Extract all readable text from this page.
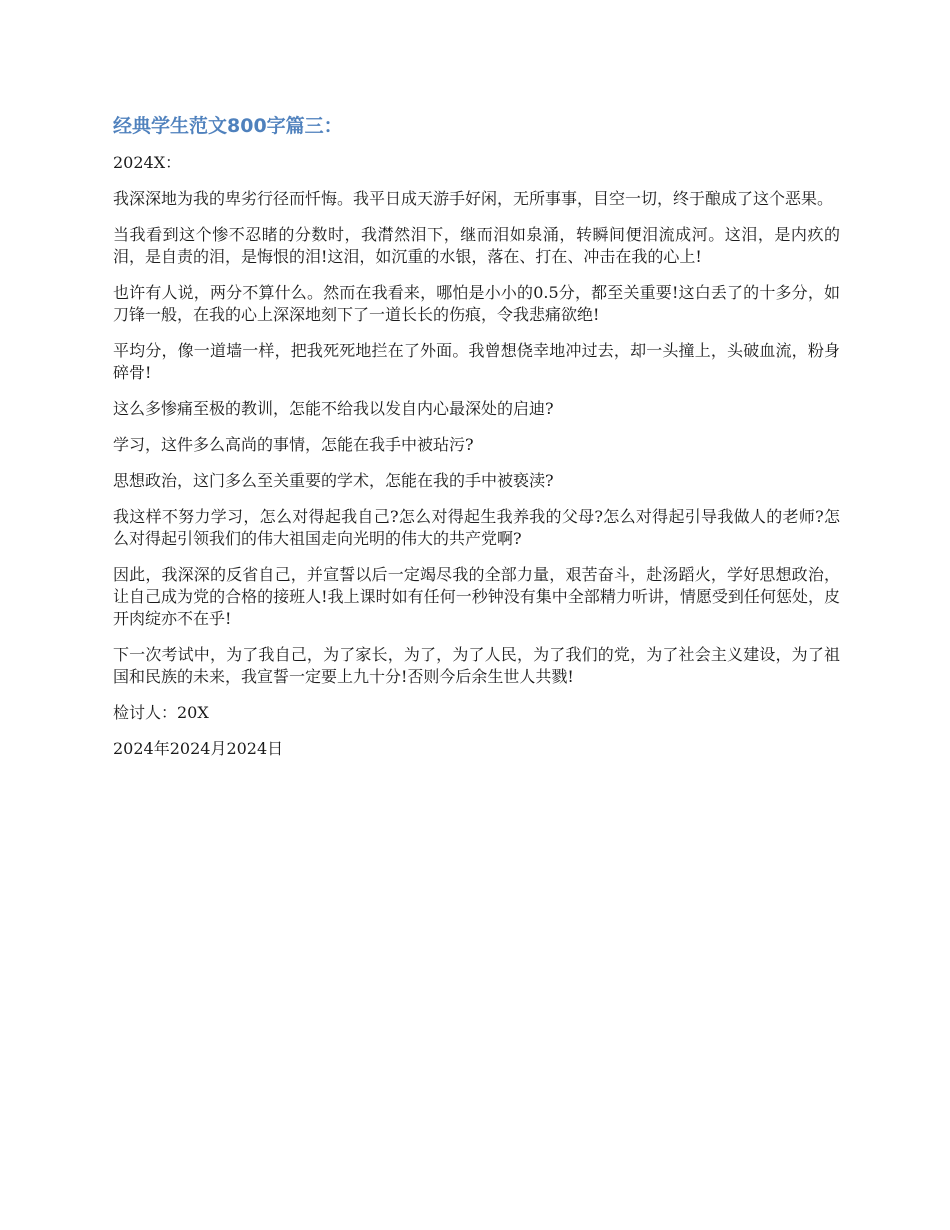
经典学生范文800字篇三：

2024X：

我深深地为我的卑劣行径而忏悔。我平日成天游手好闲，无所事事，目空一切，终于酿成了这个恶果。

当我看到这个惨不忍睹的分数时，我潸然泪下，继而泪如泉涌，转瞬间便泪流成河。这泪，是内疚的泪，是自责的泪，是悔恨的泪!这泪，如沉重的水银，落在、打在、冲击在我的心上!

也许有人说，两分不算什么。然而在我看来，哪怕是小小的0.5分，都至关重要!这白丢了的十多分，如刀锋一般，在我的心上深深地刻下了一道长长的伤痕，令我悲痛欲绝!

平均分，像一道墙一样，把我死死地拦在了外面。我曾想侥幸地冲过去，却一头撞上，头破血流，粉身碎骨!

这么多惨痛至极的教训，怎能不给我以发自内心最深处的启迪?

学习，这件多么高尚的事情，怎能在我手中被玷污?

思想政治，这门多么至关重要的学术，怎能在我的手中被亵渎?

我这样不努力学习，怎么对得起我自己?怎么对得起生我养我的父母?怎么对得起引导我做人的老师?怎么对得起引领我们的伟大祖国走向光明的伟大的共产党啊?

因此，我深深的反省自己，并宣誓以后一定竭尽我的全部力量，艰苦奋斗，赴汤蹈火，学好思想政治，让自己成为党的合格的接班人!我上课时如有任何一秒钟没有集中全部精力听讲，情愿受到任何惩处，皮开肉绽亦不在乎!

下一次考试中，为了我自己，为了家长，为了，为了人民，为了我们的党，为了社会主义建设，为了祖国和民族的未来，我宣誓一定要上九十分!否则今后余生世人共戮!

检讨人：20X

2024年2024月2024日
